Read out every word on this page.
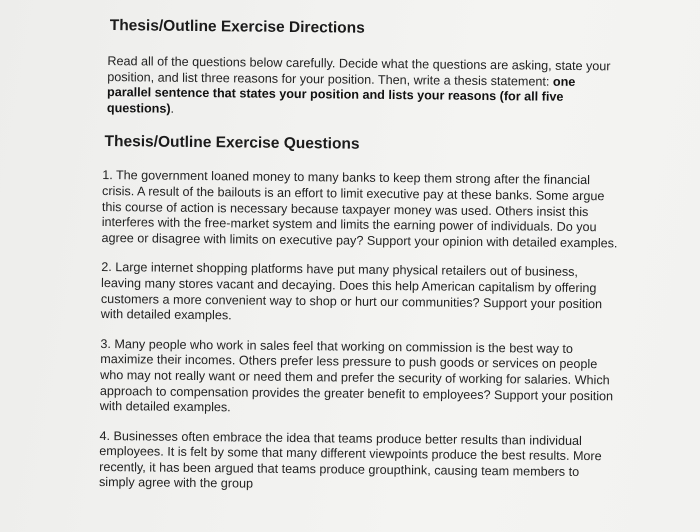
Thesis/Outline Exercise Directions

Read all of the questions below carefully. Decide what the questions are asking, state your position, and list three reasons for your position. Then, write a thesis statement: one parallel sentence that states your position and lists your reasons (for all five questions).

Thesis/Outline Exercise Questions

1. The government loaned money to many banks to keep them strong after the financial crisis. A result of the bailouts is an effort to limit executive pay at these banks. Some argue this course of action is necessary because taxpayer money was used. Others insist this interferes with the free-market system and limits the earning power of individuals. Do you agree or disagree with limits on executive pay? Support your opinion with detailed examples.

2. Large internet shopping platforms have put many physical retailers out of business, leaving many stores vacant and decaying. Does this help American capitalism by offering customers a more convenient way to shop or hurt our communities? Support your position with detailed examples.

3. Many people who work in sales feel that working on commission is the best way to maximize their incomes. Others prefer less pressure to push goods or services on people who may not really want or need them and prefer the security of working for salaries. Which approach to compensation provides the greater benefit to employees? Support your position with detailed examples.

4. Businesses often embrace the idea that teams produce better results than individual employees. It is felt by some that many different viewpoints produce the best results. More recently, it has been argued that teams produce groupthink, causing team members to

simply agree with the group
